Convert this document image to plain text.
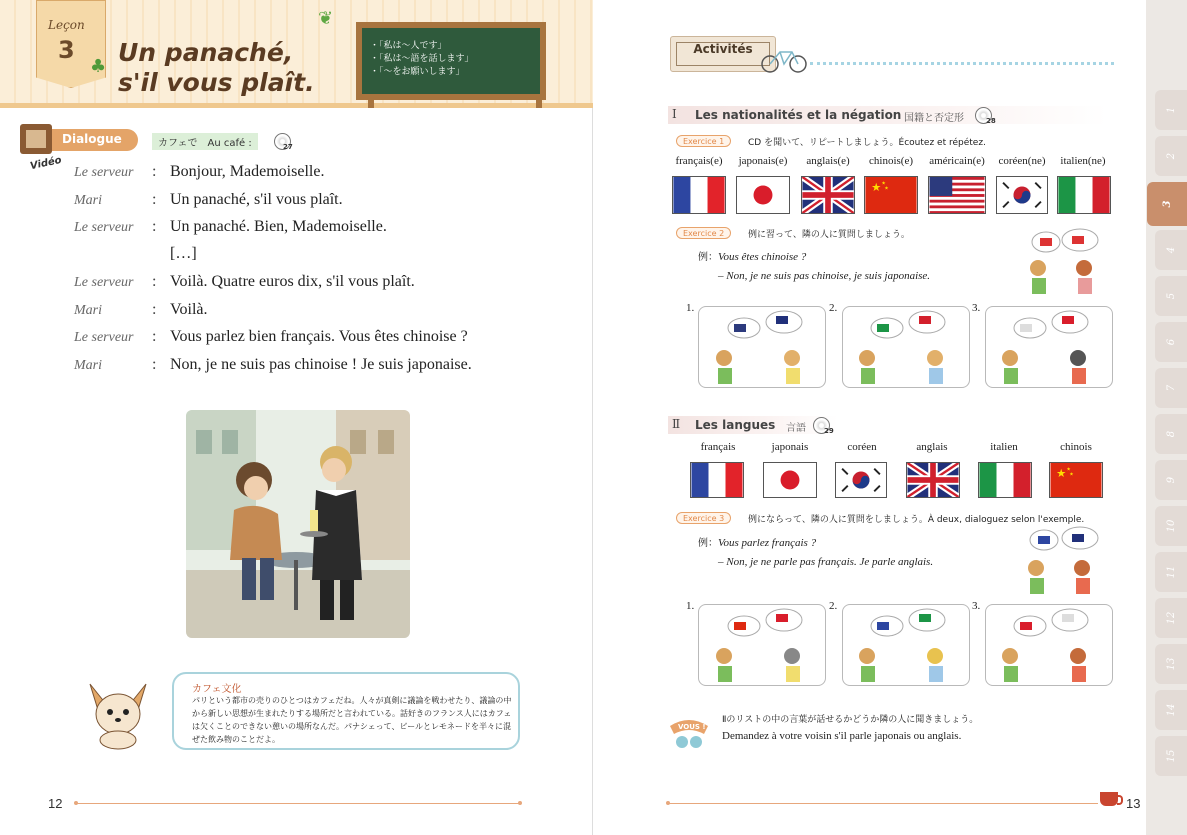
Leçon
3
♣ Un panaché,
s'il vous plaît.
❦
・「私は～人です」
・「私は～語を話します」
・「～をお願いします」
Dialogue
Vidéo
カフェで　Au café :	27
Le serveur	: Bonjour, Mademoiselle.
Mari	: Un panaché, s'il vous plaît.
Le serveur	: Un panaché. Bien, Mademoiselle.
[…]
Le serveur	: Voilà. Quatre euros dix, s'il vous plaît.
Mari	: Voilà.
Le serveur	: Vous parlez bien français. Vous êtes chinoise ?
Mari	: Non, je ne suis pas chinoise ! Je suis japonaise.
カフェ文化
パリという都市の売りのひとつはカフェだね。人々が真剣に議論を戦わせたり、議論の中から新しい思想が生まれたりする場所だと言われている。話好きのフランス人にはカフェは欠くことのできない憩いの場所なんだ。パナシェって、ビールとレモネードを半々に混ぜた飲み物のことだよ。
12
Activités
Ⅰ Les nationalités et la négation 国籍と否定形	28
Exercice 1	CD を聞いて、リピートしましょう。Écoutez et répétez.
français(e)	japonais(e)	anglais(e)	chinois(e)	américain(e)	coréen(ne)	italien(ne)
★ ★
★
Exercice 2	例に習って、隣の人に質問しましょう。
例：Vous êtes chinoise ?
– Non, je ne suis pas chinoise, je suis japonaise.
1.	2.	3.
Ⅱ Les langues 言語	29
français	japonais	coréen	anglais	italien	chinois
★ ★
★
Exercice 3	例にならって、隣の人に質問をしましょう。À deux, dialoguez selon l'exemple.
例：Vous parlez français ?
– Non, je ne parle pas français. Je parle anglais.
1.	2.	3.
VOUS !
Ⅱのリストの中の言葉が話せるかどうか隣の人に聞きましょう。
Demandez à votre voisin s'il parle japonais ou anglais.
13
1
2
3
4
5
6
7
8
9
10
11
12
13
14
15
